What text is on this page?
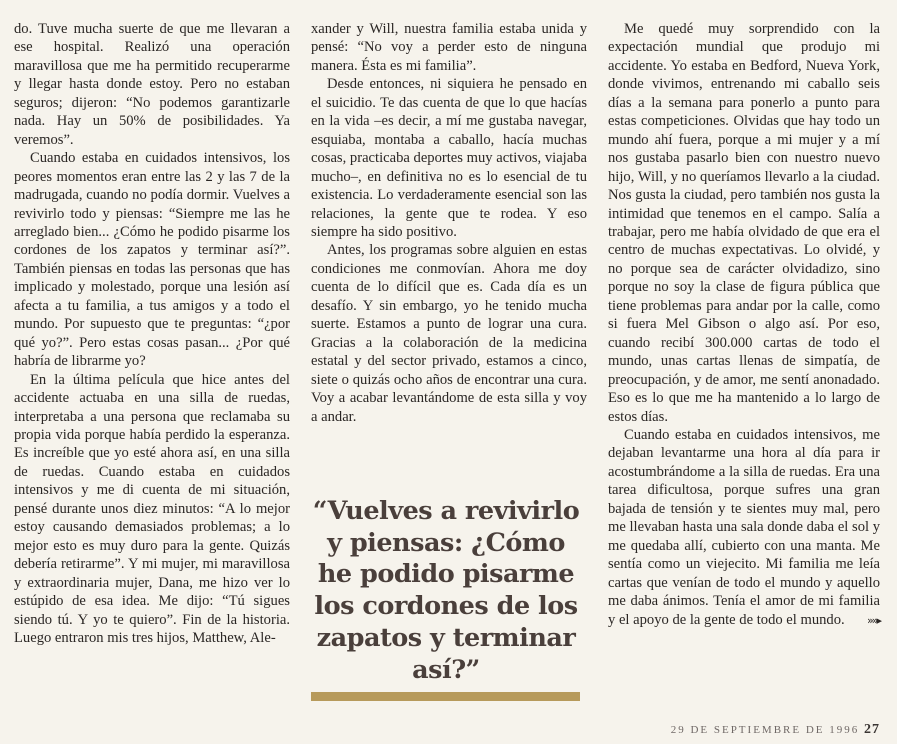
do. Tuve mucha suerte de que me llevaran a ese hospital. Realizó una operación maravillosa que me ha permitido recuperarme y llegar hasta donde estoy. Pero no estaban seguros; dijeron: “No podemos garantizarle nada. Hay un 50% de posibilidades. Ya veremos”.

Cuando estaba en cuidados intensivos, los peores momentos eran entre las 2 y las 7 de la madrugada, cuando no podía dormir. Vuelves a revivirlo todo y piensas: “Siempre me las he arreglado bien... ¿Cómo he podido pisarme los cordones de los zapatos y terminar así?”. También piensas en todas las personas que has implicado y molestado, porque una lesión así afecta a tu familia, a tus amigos y a todo el mundo. Por supuesto que te preguntas: “¿por qué yo?”. Pero estas cosas pasan... ¿Por qué habría de librarme yo?

En la última película que hice antes del accidente actuaba en una silla de ruedas, interpretaba a una persona que reclamaba su propia vida porque había perdido la esperanza. Es increíble que yo esté ahora así, en una silla de ruedas. Cuando estaba en cuidados intensivos y me di cuenta de mi situación, pensé durante unos diez minutos: “A lo mejor estoy causando demasiados problemas; a lo mejor esto es muy duro para la gente. Quizás debería retirarme”. Y mi mujer, mi maravillosa y extraordinaria mujer, Dana, me hizo ver lo estúpido de esa idea. Me dijo: “Tú sigues siendo tú. Y yo te quiero”. Fin de la historia. Luego entraron mis tres hijos, Matthew, Ale-

xander y Will, nuestra familia estaba unida y pensé: “No voy a perder esto de ninguna manera. Ésta es mi familia”.

Desde entonces, ni siquiera he pensado en el suicidio. Te das cuenta de que lo que hacías en la vida –es decir, a mí me gustaba navegar, esquiaba, montaba a caballo, hacía muchas cosas, practicaba deportes muy activos, viajaba mucho–, en definitiva no es lo esencial de tu existencia. Lo verdaderamente esencial son las relaciones, la gente que te rodea. Y eso siempre ha sido positivo.

Antes, los programas sobre alguien en estas condiciones me conmovían. Ahora me doy cuenta de lo difícil que es. Cada día es un desafío. Y sin embargo, yo he tenido mucha suerte. Estamos a punto de lograr una cura. Gracias a la colaboración de la medicina estatal y del sector privado, estamos a cinco, siete o quizás ocho años de encontrar una cura. Voy a acabar levantándome de esta silla y voy a andar.

“Vuelves a revivirlo y piensas: ¿Cómo he podido pisarme los cordones de los zapatos y terminar así?”

Me quedé muy sorprendido con la expectación mundial que produjo mi accidente. Yo estaba en Bedford, Nueva York, donde vivimos, entrenando mi caballo seis días a la semana para ponerlo a punto para estas competiciones. Olvidas que hay todo un mundo ahí fuera, porque a mi mujer y a mí nos gustaba pasarlo bien con nuestro nuevo hijo, Will, y no queríamos llevarlo a la ciudad. Nos gusta la ciudad, pero también nos gusta la intimidad que tenemos en el campo. Salía a trabajar, pero me había olvidado de que era el centro de muchas expectativas. Lo olvidé, y no porque sea de carácter olvidadizo, sino porque no soy la clase de figura pública que tiene problemas para andar por la calle, como si fuera Mel Gibson o algo así. Por eso, cuando recibí 300.000 cartas de todo el mundo, unas cartas llenas de simpatía, de preocupación, y de amor, me sentí anonadado. Eso es lo que me ha mantenido a lo largo de estos días.

Cuando estaba en cuidados intensivos, me dejaban levantarme una hora al día para ir acostumbrándome a la silla de ruedas. Era una tarea dificultosa, porque sufres una gran bajada de tensión y te sientes muy mal, pero me llevaban hasta una sala donde daba el sol y me quedaba allí, cubierto con una manta. Me sentía como un viejecito. Mi familia me leía cartas que venían de todo el mundo y aquello me daba ánimos. Tenía el amor de mi familia y el apoyo de la gente de todo el mundo.	»»▸

29 DE SEPTIEMBRE DE 1996 27
